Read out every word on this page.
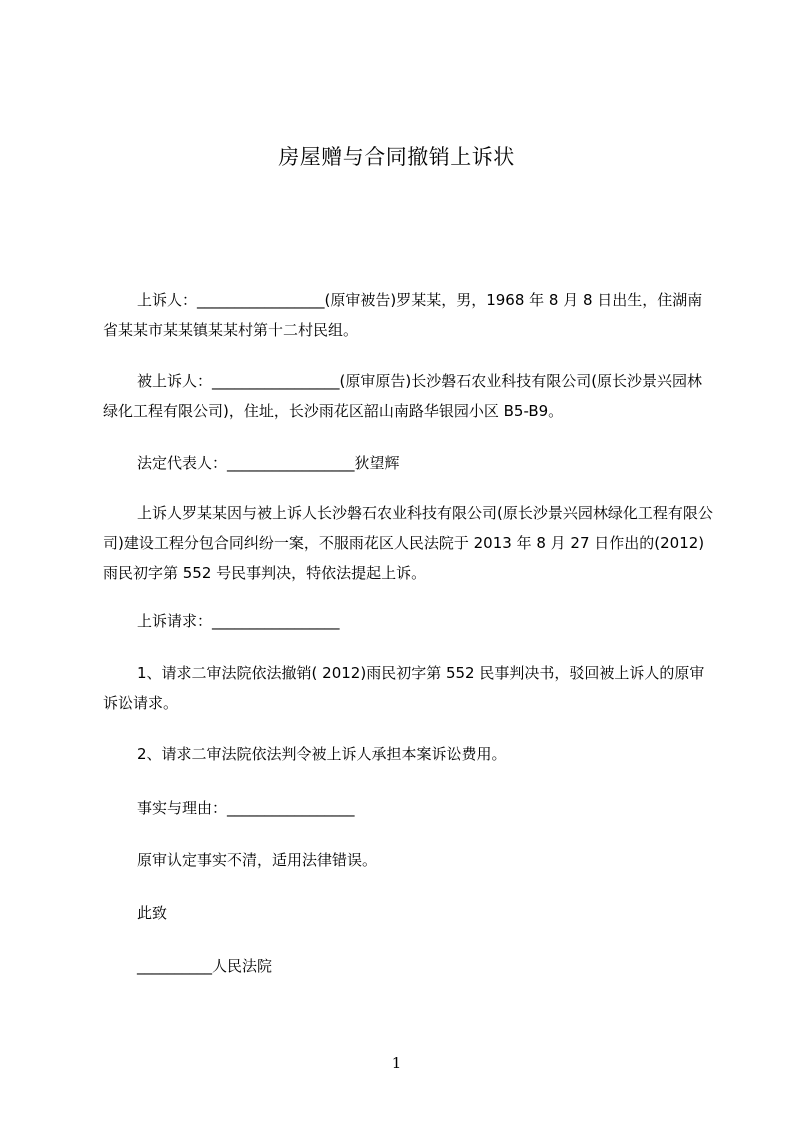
房屋赠与合同撤销上诉状
上诉人：_________________(原审被告)罗某某，男，1968 年 8 月 8 日出生，住湖南省某某市某某镇某某村第十二村民组。
被上诉人：_________________(原审原告)长沙磐石农业科技有限公司(原长沙景兴园林绿化工程有限公司)，住址，长沙雨花区韶山南路华银园小区 B5-B9。
法定代表人：_________________狄望辉
上诉人罗某某因与被上诉人长沙磐石农业科技有限公司(原长沙景兴园林绿化工程有限公司)建设工程分包合同纠纷一案，不服雨花区人民法院于 2013 年 8 月 27 日作出的(2012)雨民初字第 552 号民事判决，特依法提起上诉。
上诉请求：_________________
1、请求二审法院依法撤销( 2012)雨民初字第 552 民事判决书，驳回被上诉人的原审诉讼请求。
2、请求二审法院依法判令被上诉人承担本案诉讼费用。
事实与理由：_________________
原审认定事实不清，适用法律错误。
此致
__________人民法院
1
